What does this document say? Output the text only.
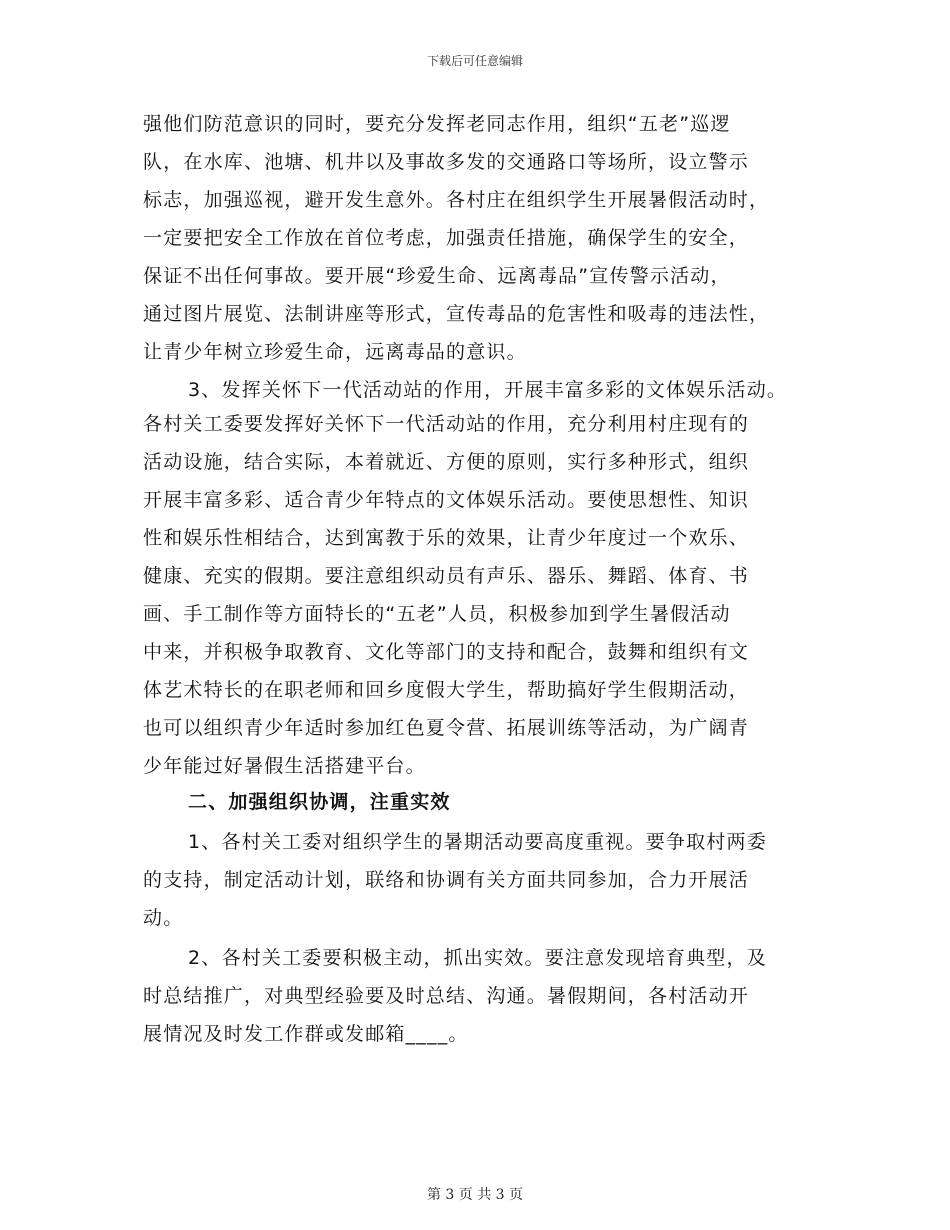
下载后可任意编辑
强他们防范意识的同时，要充分发挥老同志作用，组织“五老”巡逻
队，在水库、池塘、机井以及事故多发的交通路口等场所，设立警示
标志，加强巡视，避开发生意外。各村庄在组织学生开展暑假活动时，
一定要把安全工作放在首位考虑，加强责任措施，确保学生的安全，
保证不出任何事故。要开展“珍爱生命、远离毒品”宣传警示活动，
通过图片展览、法制讲座等形式，宣传毒品的危害性和吸毒的违法性，
让青少年树立珍爱生命，远离毒品的意识。
3、发挥关怀下一代活动站的作用，开展丰富多彩的文体娱乐活动。
各村关工委要发挥好关怀下一代活动站的作用，充分利用村庄现有的
活动设施，结合实际，本着就近、方便的原则，实行多种形式，组织
开展丰富多彩、适合青少年特点的文体娱乐活动。要使思想性、知识
性和娱乐性相结合，达到寓教于乐的效果，让青少年度过一个欢乐、
健康、充实的假期。要注意组织动员有声乐、器乐、舞蹈、体育、书
画、手工制作等方面特长的“五老”人员，积极参加到学生暑假活动
中来，并积极争取教育、文化等部门的支持和配合，鼓舞和组织有文
体艺术特长的在职老师和回乡度假大学生，帮助搞好学生假期活动，
也可以组织青少年适时参加红色夏令营、拓展训练等活动，为广阔青
少年能过好暑假生活搭建平台。
二、加强组织协调，注重实效
1、各村关工委对组织学生的暑期活动要高度重视。要争取村两委
的支持，制定活动计划，联络和协调有关方面共同参加，合力开展活
动。
2、各村关工委要积极主动，抓出实效。要注意发现培育典型，及
时总结推广，对典型经验要及时总结、沟通。暑假期间，各村活动开
展情况及时发工作群或发邮箱____。
第 3 页 共 3 页
